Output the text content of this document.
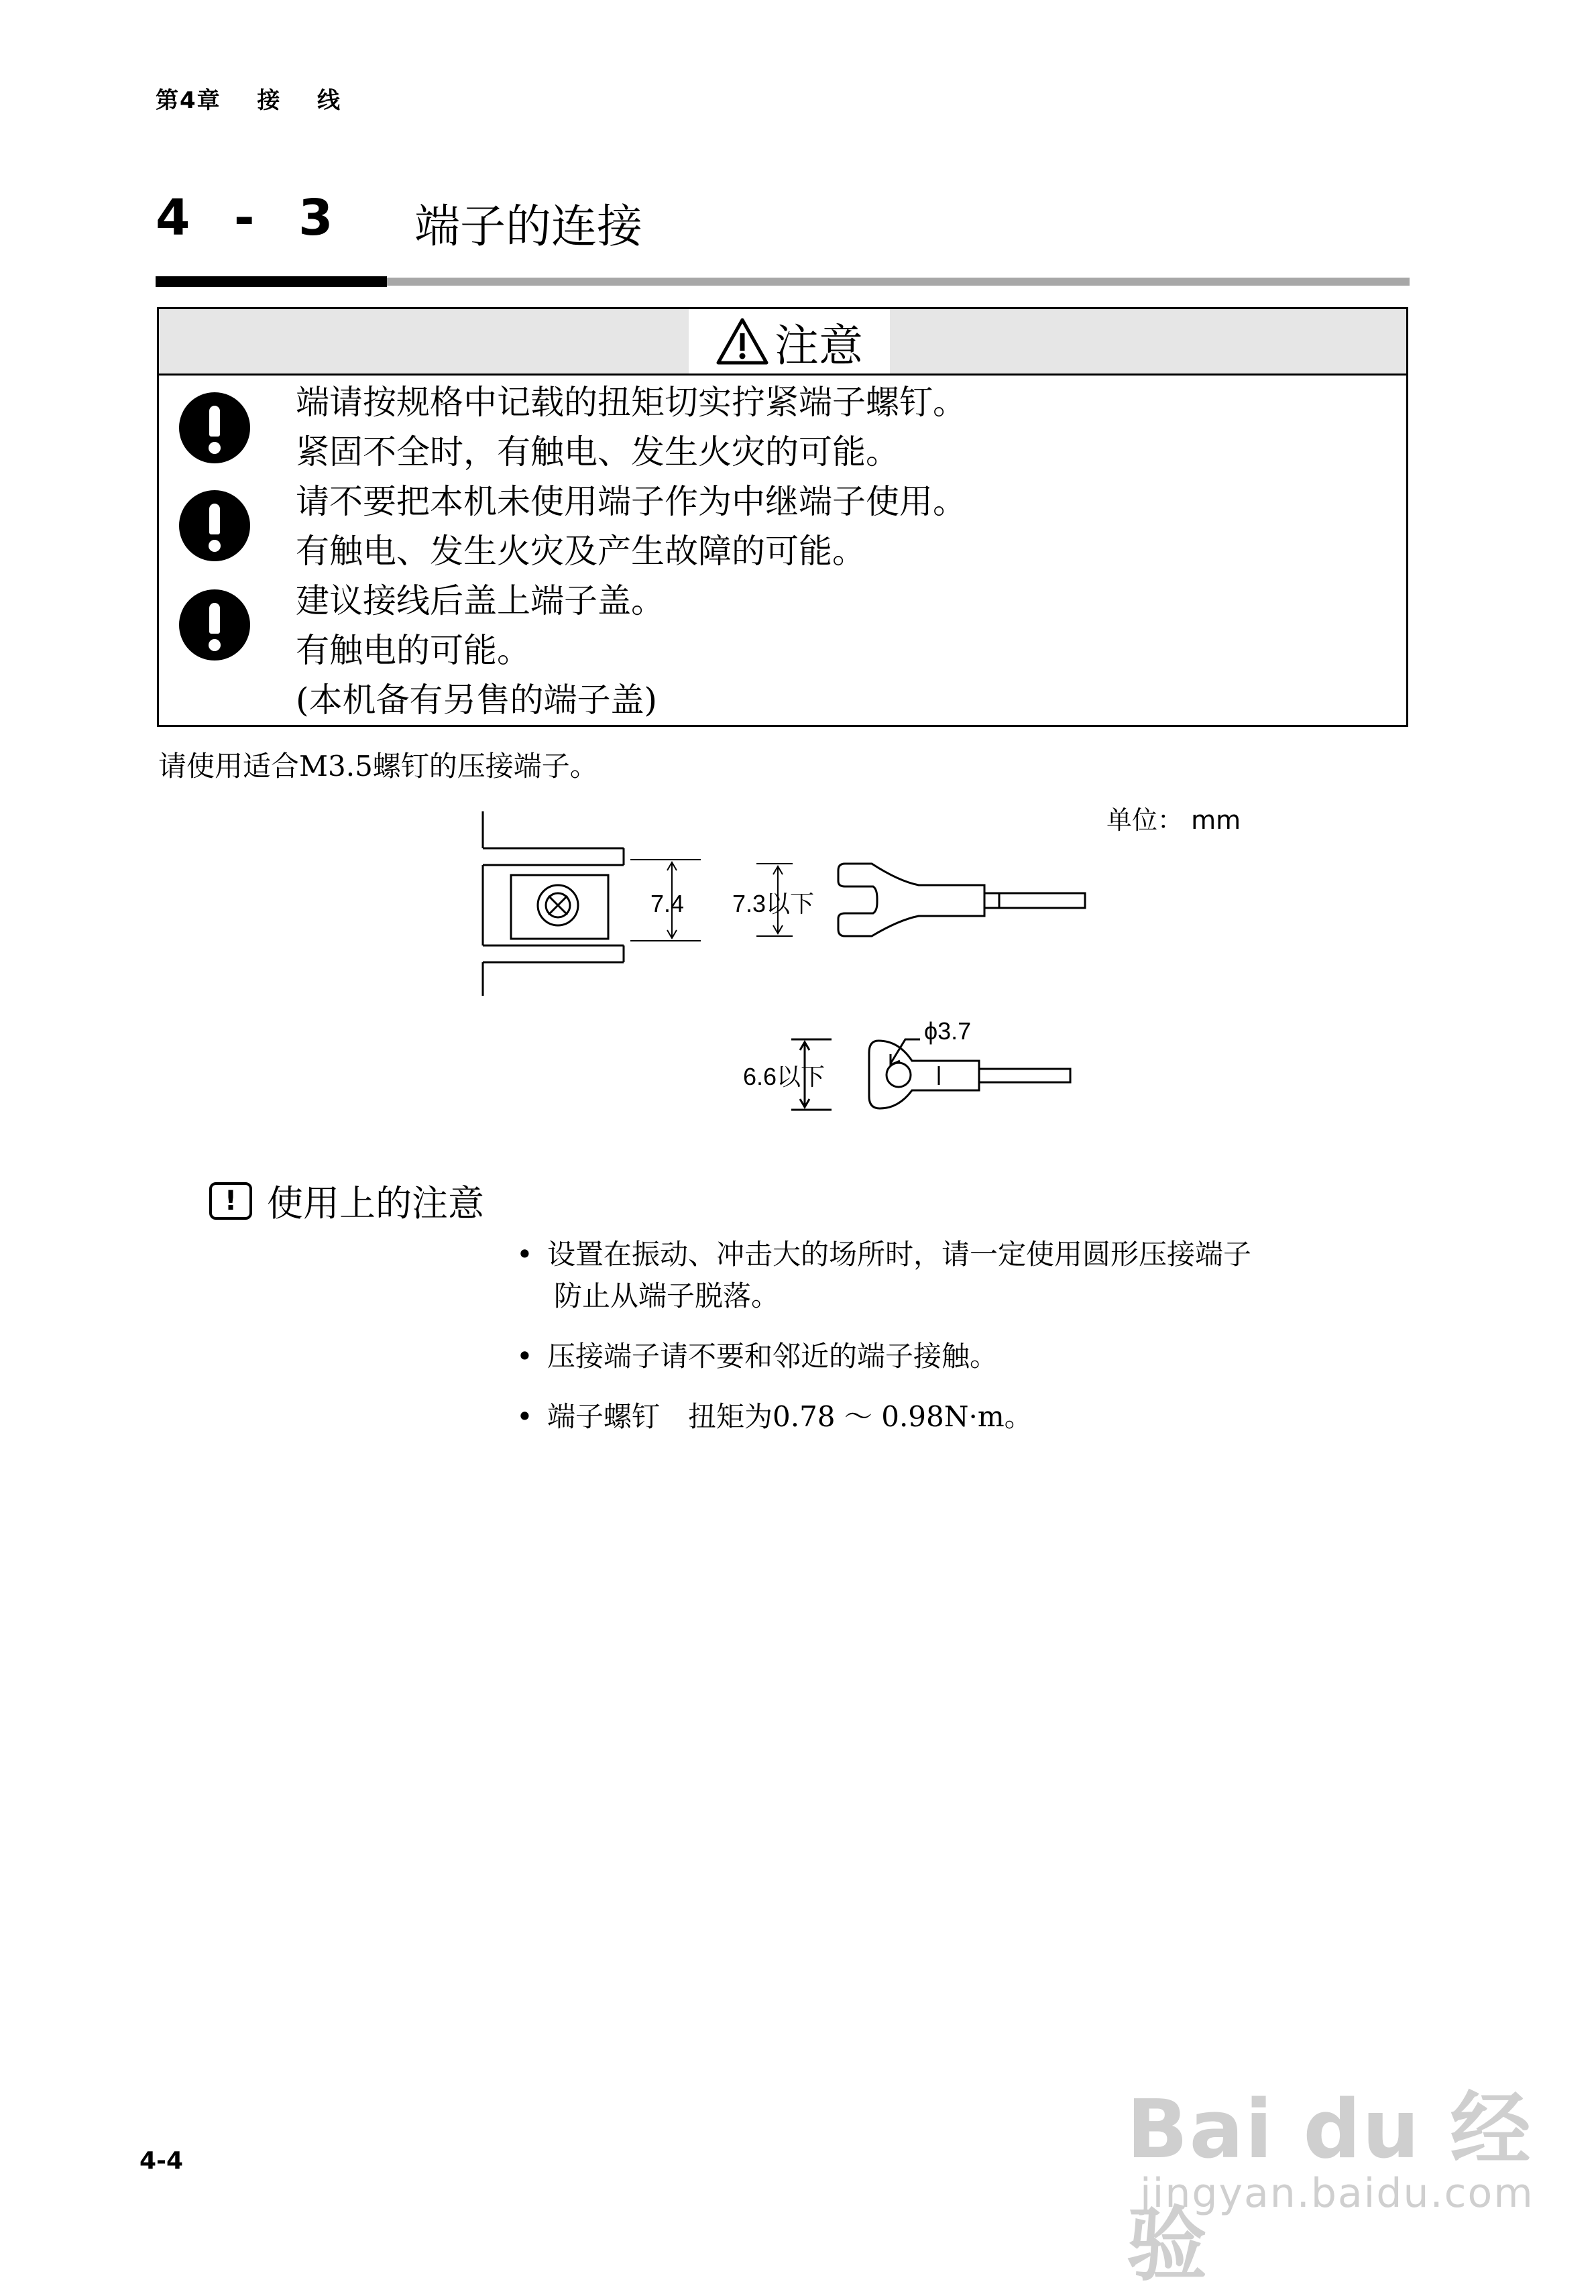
第4章 接 线
4 - 3 端子的连接
注意
端请按规格中记载的扭矩切实拧紧端子螺钉。
紧固不全时，有触电、发生火灾的可能。
请不要把本机未使用端子作为中继端子使用。
有触电、发生火灾及产生故障的可能。
建议接线后盖上端子盖。
有触电的可能。
(本机备有另售的端子盖)
请使用适合M3.5螺钉的压接端子。
单位： mm
7.4 7.3以下
ϕ3.7
6.6以下
! 使用上的注意
• 设置在振动、冲击大的场所时，请一定使用圆形压接端子
防止从端子脱落。
• 压接端子请不要和邻近的端子接触。
• 端子螺钉　扭矩为0.78 ～ 0.98N·m。
4-4	Bai du 经验
jingyan.baidu.com
